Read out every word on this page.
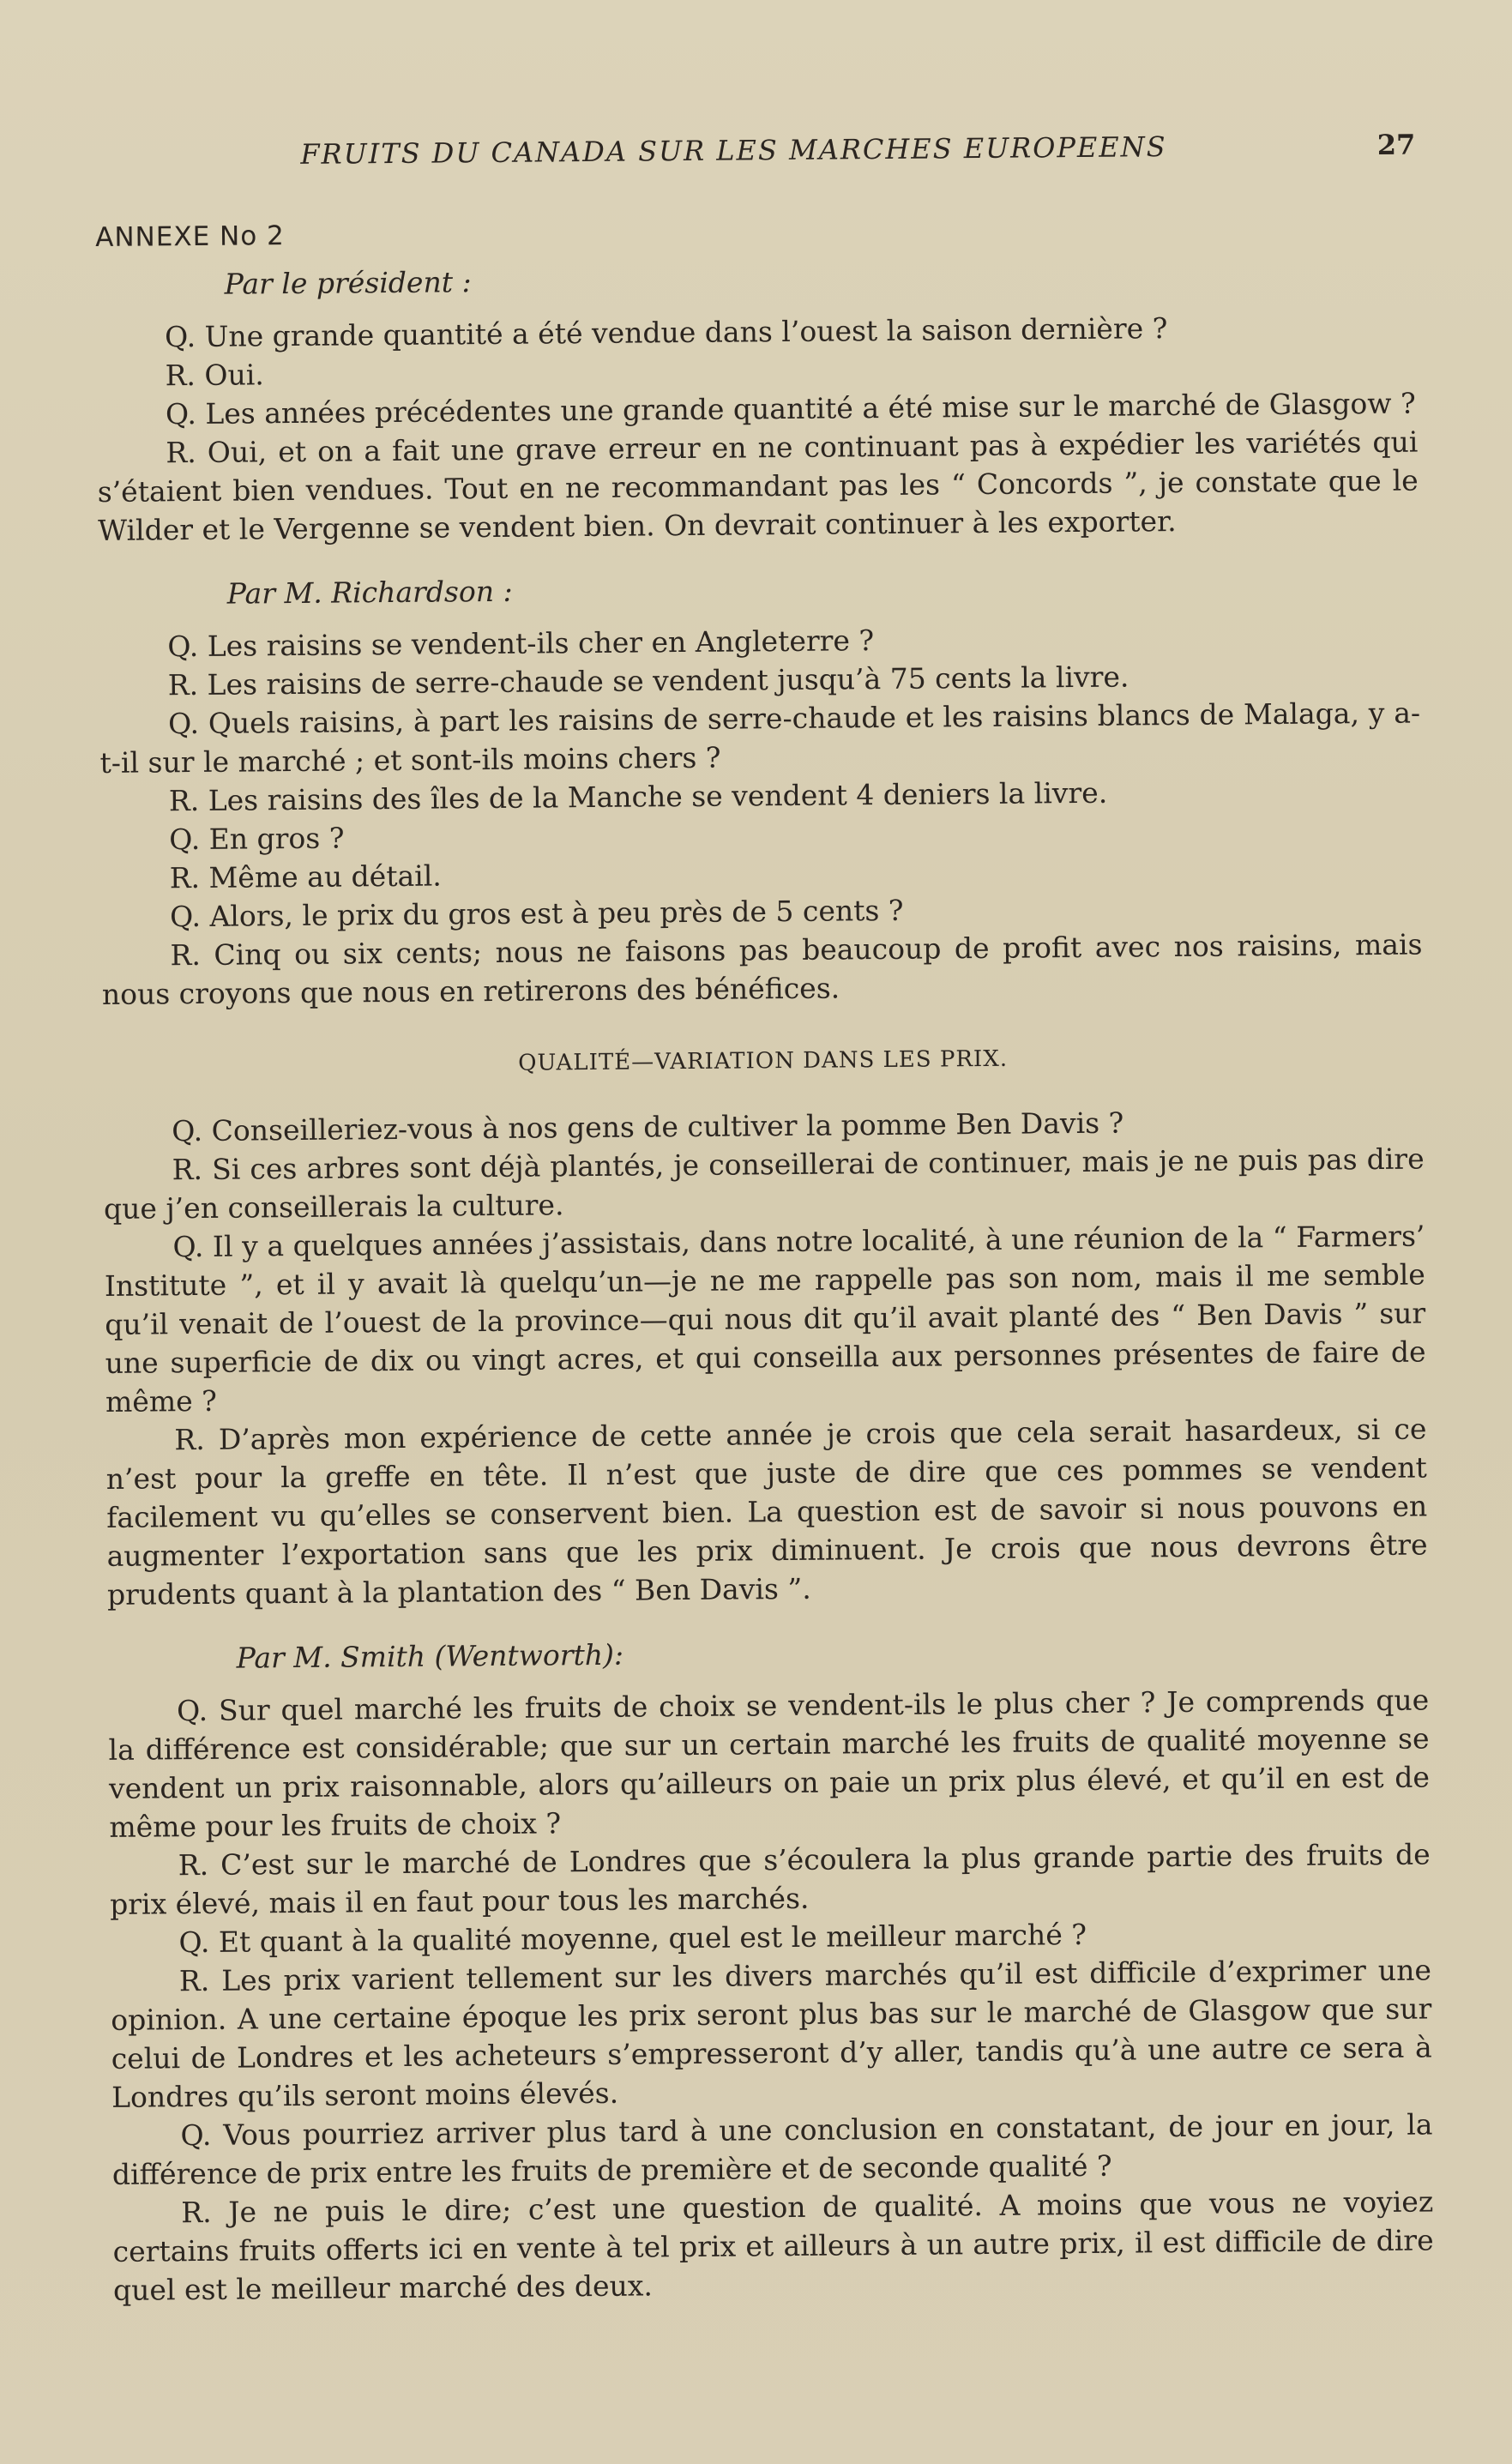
FRUITS DU CANADA SUR LES MARCHES EUROPEENS	27
ANNEXE No 2

Par le président :

Q. Une grande quantité a été vendue dans l’ouest la saison dernière ?

R. Oui.

Q. Les années précédentes une grande quantité a été mise sur le marché de Glasgow ?

R. Oui, et on a fait une grave erreur en ne continuant pas à expédier les variétés qui s’étaient bien vendues. Tout en ne recommandant pas les “ Concords ”, je constate que le Wilder et le Vergenne se vendent bien. On devrait continuer à les exporter.

Par M. Richardson :

Q. Les raisins se vendent-ils cher en Angleterre ?

R. Les raisins de serre-chaude se vendent jusqu’à 75 cents la livre.

Q. Quels raisins, à part les raisins de serre-chaude et les raisins blancs de Malaga, y a-t-il sur le marché ; et sont-ils moins chers ?

R. Les raisins des îles de la Manche se vendent 4 deniers la livre.

Q. En gros ?

R. Même au détail.

Q. Alors, le prix du gros est à peu près de 5 cents ?

R. Cinq ou six cents; nous ne faisons pas beaucoup de profit avec nos raisins, mais nous croyons que nous en retirerons des bénéfices.

QUALITÉ—VARIATION DANS LES PRIX.

Q. Conseilleriez-vous à nos gens de cultiver la pomme Ben Davis ?

R. Si ces arbres sont déjà plantés, je conseillerai de continuer, mais je ne puis pas dire que j’en conseillerais la culture.

Q. Il y a quelques années j’assistais, dans notre localité, à une réunion de la “ Farmers’ Institute ”, et il y avait là quelqu’un—je ne me rappelle pas son nom, mais il me semble qu’il venait de l’ouest de la province—qui nous dit qu’il avait planté des “ Ben Davis ” sur une superficie de dix ou vingt acres, et qui conseilla aux personnes présentes de faire de même ?

R. D’après mon expérience de cette année je crois que cela serait hasardeux, si ce n’est pour la greffe en tête. Il n’est que juste de dire que ces pommes se vendent facilement vu qu’elles se conservent bien. La question est de savoir si nous pouvons en augmenter l’exportation sans que les prix diminuent. Je crois que nous devrons être prudents quant à la plantation des “ Ben Davis ”.

Par M. Smith (Wentworth):

Q. Sur quel marché les fruits de choix se vendent-ils le plus cher ? Je comprends que la différence est considérable; que sur un certain marché les fruits de qualité moyenne se vendent un prix raisonnable, alors qu’ailleurs on paie un prix plus élevé, et qu’il en est de même pour les fruits de choix ?

R. C’est sur le marché de Londres que s’écoulera la plus grande partie des fruits de prix élevé, mais il en faut pour tous les marchés.

Q. Et quant à la qualité moyenne, quel est le meilleur marché ?

R. Les prix varient tellement sur les divers marchés qu’il est difficile d’exprimer une opinion. A une certaine époque les prix seront plus bas sur le marché de Glasgow que sur celui de Londres et les acheteurs s’empresseront d’y aller, tandis qu’à une autre ce sera à Londres qu’ils seront moins élevés.

Q. Vous pourriez arriver plus tard à une conclusion en constatant, de jour en jour, la différence de prix entre les fruits de première et de seconde qualité ?

R. Je ne puis le dire; c’est une question de qualité. A moins que vous ne voyiez certains fruits offerts ici en vente à tel prix et ailleurs à un autre prix, il est difficile de dire quel est le meilleur marché des deux.
